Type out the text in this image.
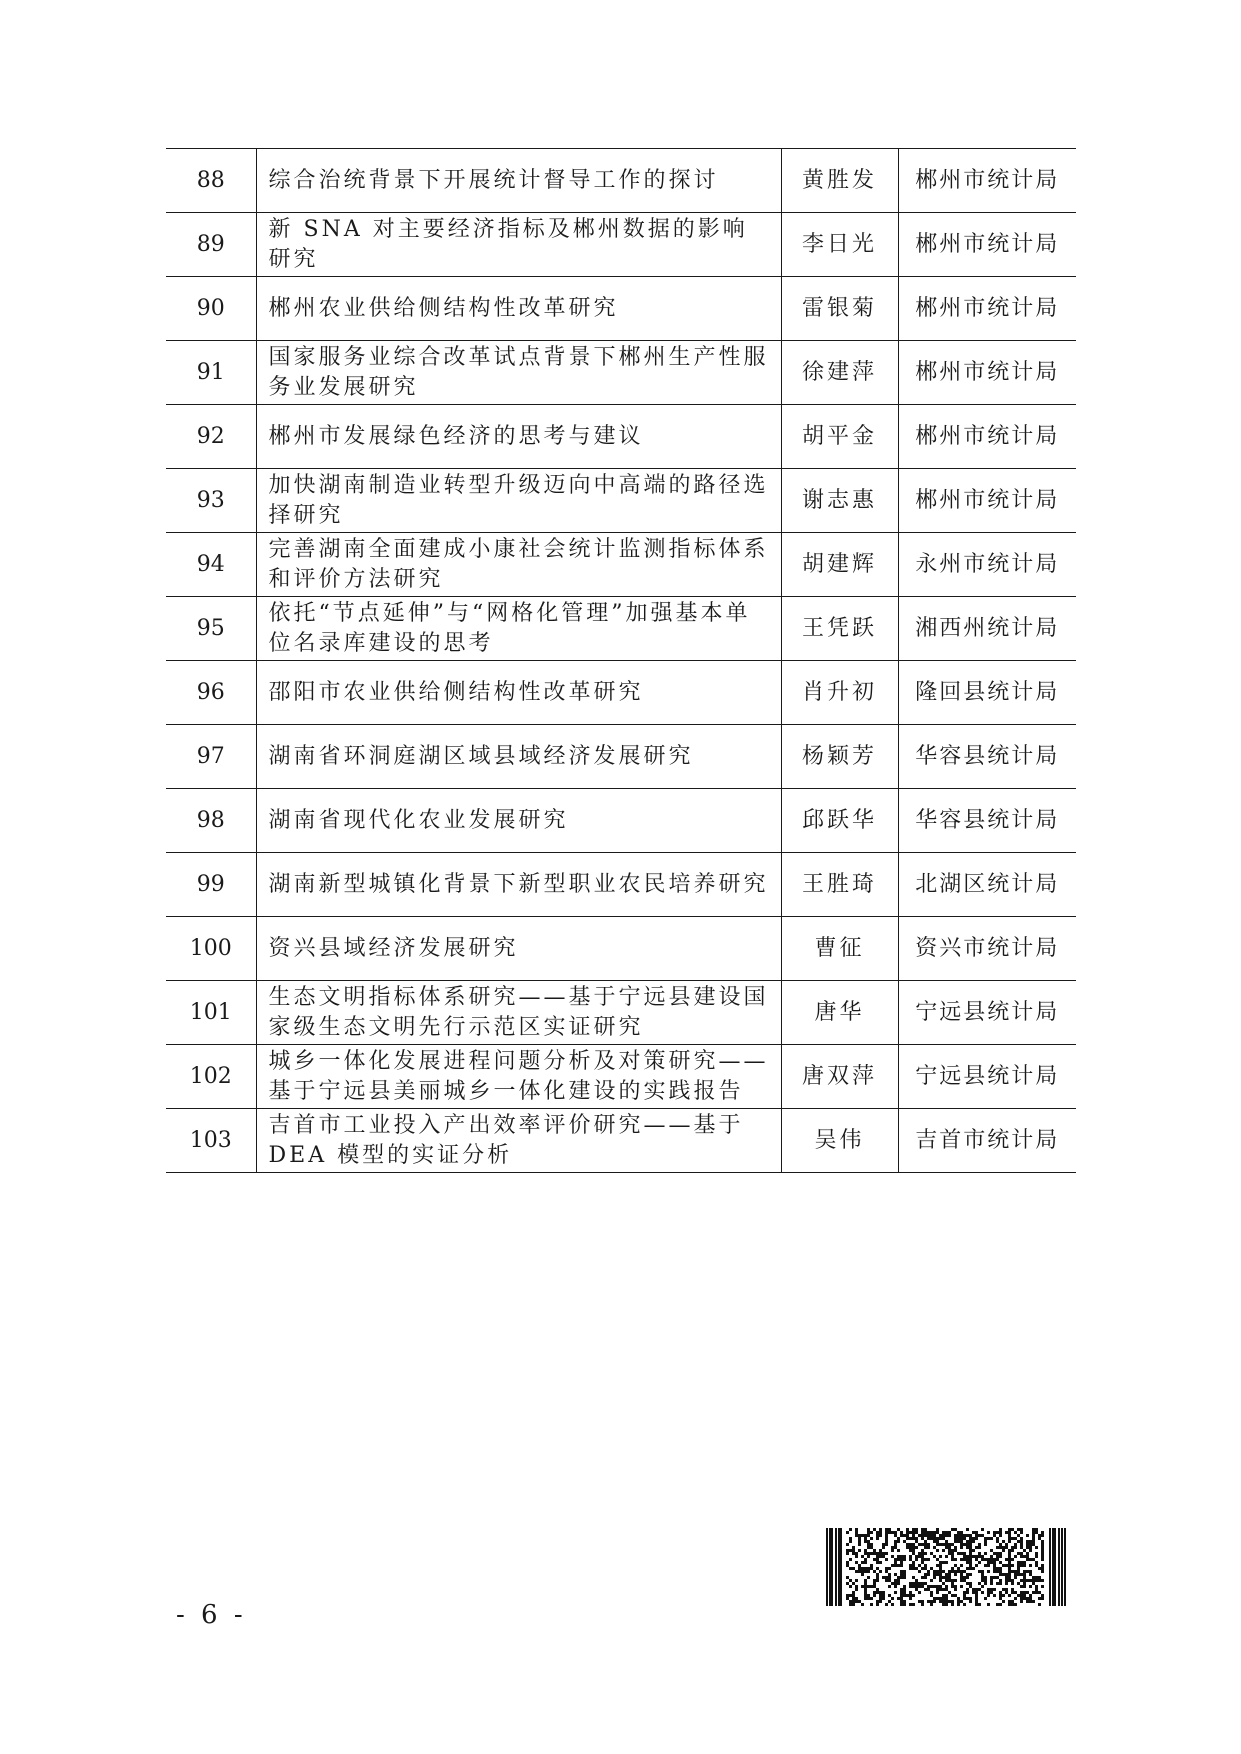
88	综合治统背景下开展统计督导工作的探讨	黄胜发	郴州市统计局
89	新 SNA 对主要经济指标及郴州数据的影响研究	李日光	郴州市统计局
90	郴州农业供给侧结构性改革研究	雷银菊	郴州市统计局
91	国家服务业综合改革试点背景下郴州生产性服务业发展研究	徐建萍	郴州市统计局
92	郴州市发展绿色经济的思考与建议	胡平金	郴州市统计局
93	加快湖南制造业转型升级迈向中高端的路径选择研究	谢志惠	郴州市统计局
94	完善湖南全面建成小康社会统计监测指标体系和评价方法研究	胡建辉	永州市统计局
95	依托“节点延伸”与“网格化管理”加强基本单位名录库建设的思考	王凭跃	湘西州统计局
96	邵阳市农业供给侧结构性改革研究	肖升初	隆回县统计局
97	湖南省环洞庭湖区域县域经济发展研究	杨颖芳	华容县统计局
98	湖南省现代化农业发展研究	邱跃华	华容县统计局
99	湖南新型城镇化背景下新型职业农民培养研究	王胜琦	北湖区统计局
100	资兴县域经济发展研究	曹征	资兴市统计局
101	生态文明指标体系研究——基于宁远县建设国家级生态文明先行示范区实证研究	唐华	宁远县统计局
102	城乡一体化发展进程问题分析及对策研究——基于宁远县美丽城乡一体化建设的实践报告	唐双萍	宁远县统计局
103	吉首市工业投入产出效率评价研究——基于DEA 模型的实证分析	吴伟	吉首市统计局
- 6 -
